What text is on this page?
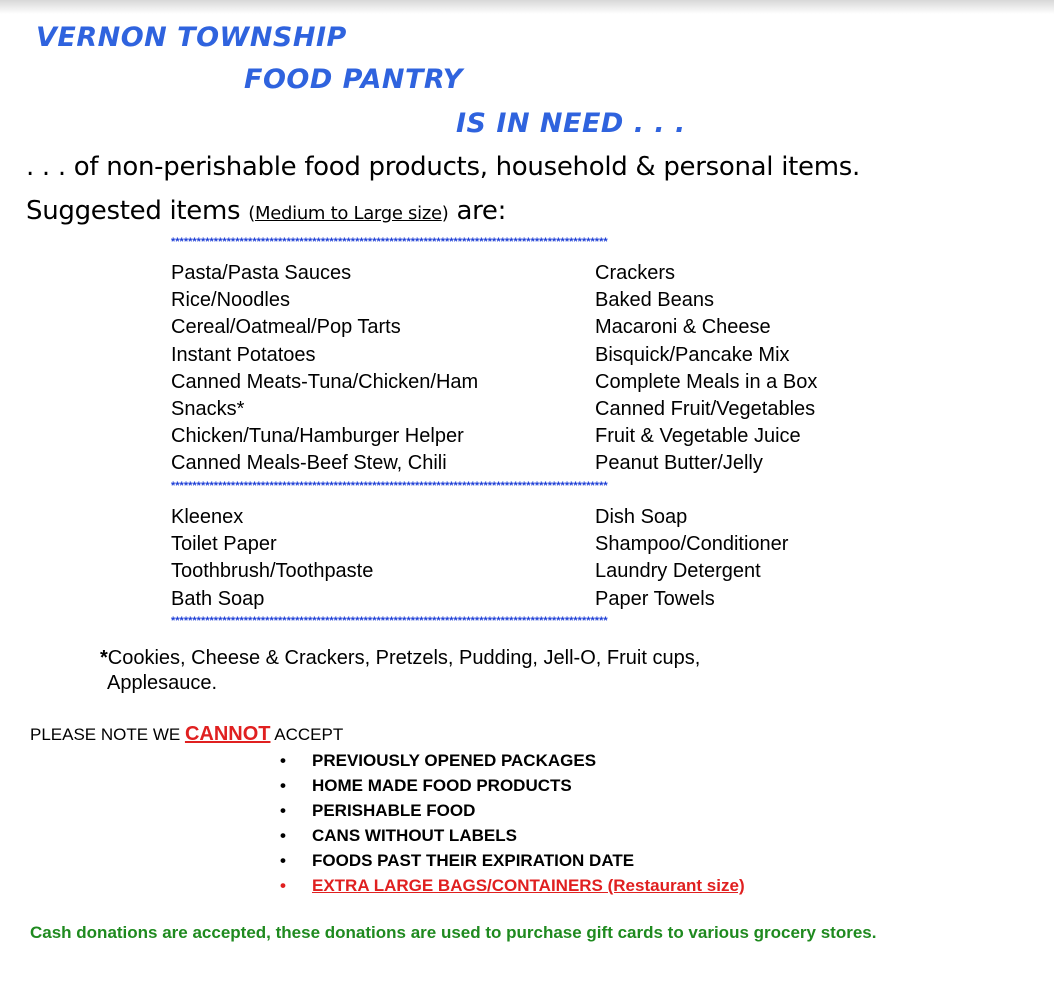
VERNON TOWNSHIP
FOOD PANTRY
IS IN NEED . . .
. . . of non-perishable food products, household & personal items.
Suggested items (Medium to Large size) are:
******************************************************************************************************
Pasta/Pasta Sauces
Rice/Noodles
Cereal/Oatmeal/Pop Tarts
Instant Potatoes
Canned Meats-Tuna/Chicken/Ham
Snacks*
Chicken/Tuna/Hamburger Helper
Canned Meals-Beef Stew, Chili
Crackers
Baked Beans
Macaroni & Cheese
Bisquick/Pancake Mix
Complete Meals in a Box
Canned Fruit/Vegetables
Fruit & Vegetable Juice
Peanut Butter/Jelly
******************************************************************************************************
Kleenex
Toilet Paper
Toothbrush/Toothpaste
Bath Soap
Dish Soap
Shampoo/Conditioner
Laundry Detergent
Paper Towels
******************************************************************************************************
*Cookies, Cheese & Crackers, Pretzels, Pudding, Jell-O, Fruit cups,
Applesauce.
PLEASE NOTE WE CANNOT ACCEPT
• PREVIOUSLY OPENED PACKAGES
• HOME MADE FOOD PRODUCTS
• PERISHABLE FOOD
• CANS WITHOUT LABELS
• FOODS PAST THEIR EXPIRATION DATE
• EXTRA LARGE BAGS/CONTAINERS (Restaurant size)
Cash donations are accepted, these donations are used to purchase gift cards to various grocery stores.
